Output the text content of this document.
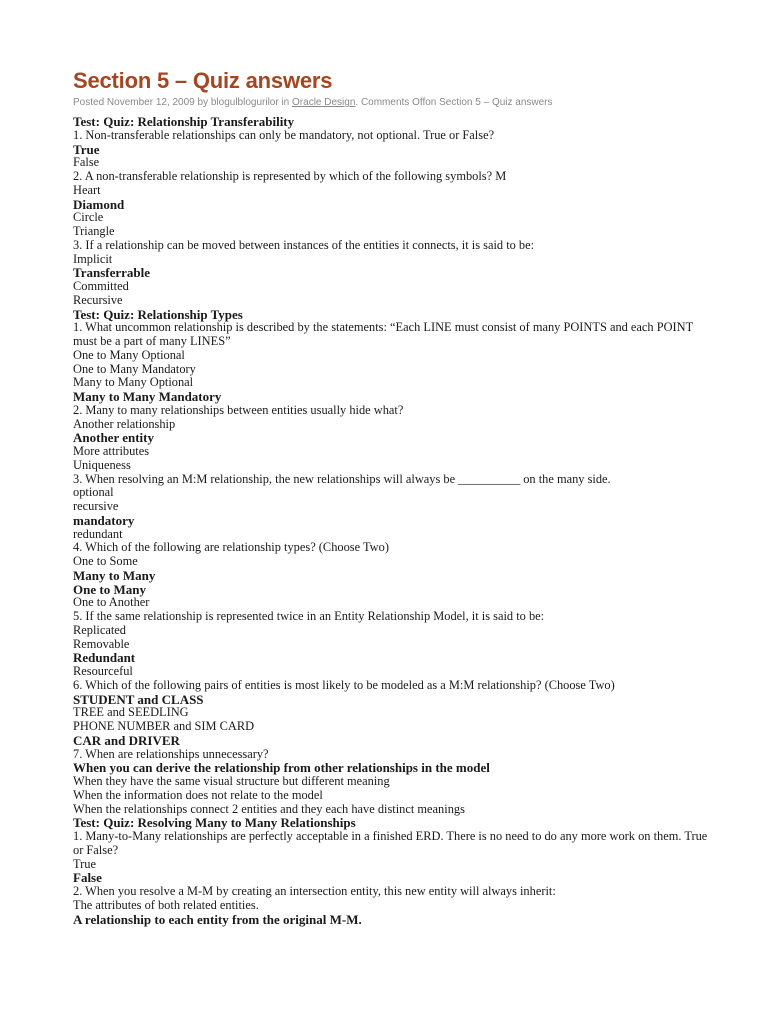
Section 5 – Quiz answers
Posted November 12, 2009 by blogulblogurilor in Oracle Design. Comments Offon Section 5 – Quiz answers

Test: Quiz: Relationship Transferability

1. Non-transferable relationships can only be mandatory, not optional. True or False?

True

False

2. A non-transferable relationship is represented by which of the following symbols? M

Heart

Diamond

Circle

Triangle

3. If a relationship can be moved between instances of the entities it connects, it is said to be:

Implicit

Transferrable

Committed

Recursive

Test: Quiz: Relationship Types

1. What uncommon relationship is described by the statements: “Each LINE must consist of many POINTS and each POINT must be a part of many LINES”

One to Many Optional

One to Many Mandatory

Many to Many Optional

Many to Many Mandatory

2. Many to many relationships between entities usually hide what?

Another relationship

Another entity

More attributes

Uniqueness

3. When resolving an M:M relationship, the new relationships will always be __________ on the many side.

optional

recursive

mandatory

redundant

4. Which of the following are relationship types? (Choose Two)

One to Some

Many to Many

One to Many

One to Another

5. If the same relationship is represented twice in an Entity Relationship Model, it is said to be:

Replicated

Removable

Redundant

Resourceful

6. Which of the following pairs of entities is most likely to be modeled as a M:M relationship? (Choose Two)

STUDENT and CLASS

TREE and SEEDLING

PHONE NUMBER and SIM CARD

CAR and DRIVER

7. When are relationships unnecessary?

When you can derive the relationship from other relationships in the model

When they have the same visual structure but different meaning

When the information does not relate to the model

When the relationships connect 2 entities and they each have distinct meanings

Test: Quiz: Resolving Many to Many Relationships

1. Many-to-Many relationships are perfectly acceptable in a finished ERD. There is no need to do any more work on them. True or False?

True

False

2. When you resolve a M-M by creating an intersection entity, this new entity will always inherit:

The attributes of both related entities.

A relationship to each entity from the original M-M.
